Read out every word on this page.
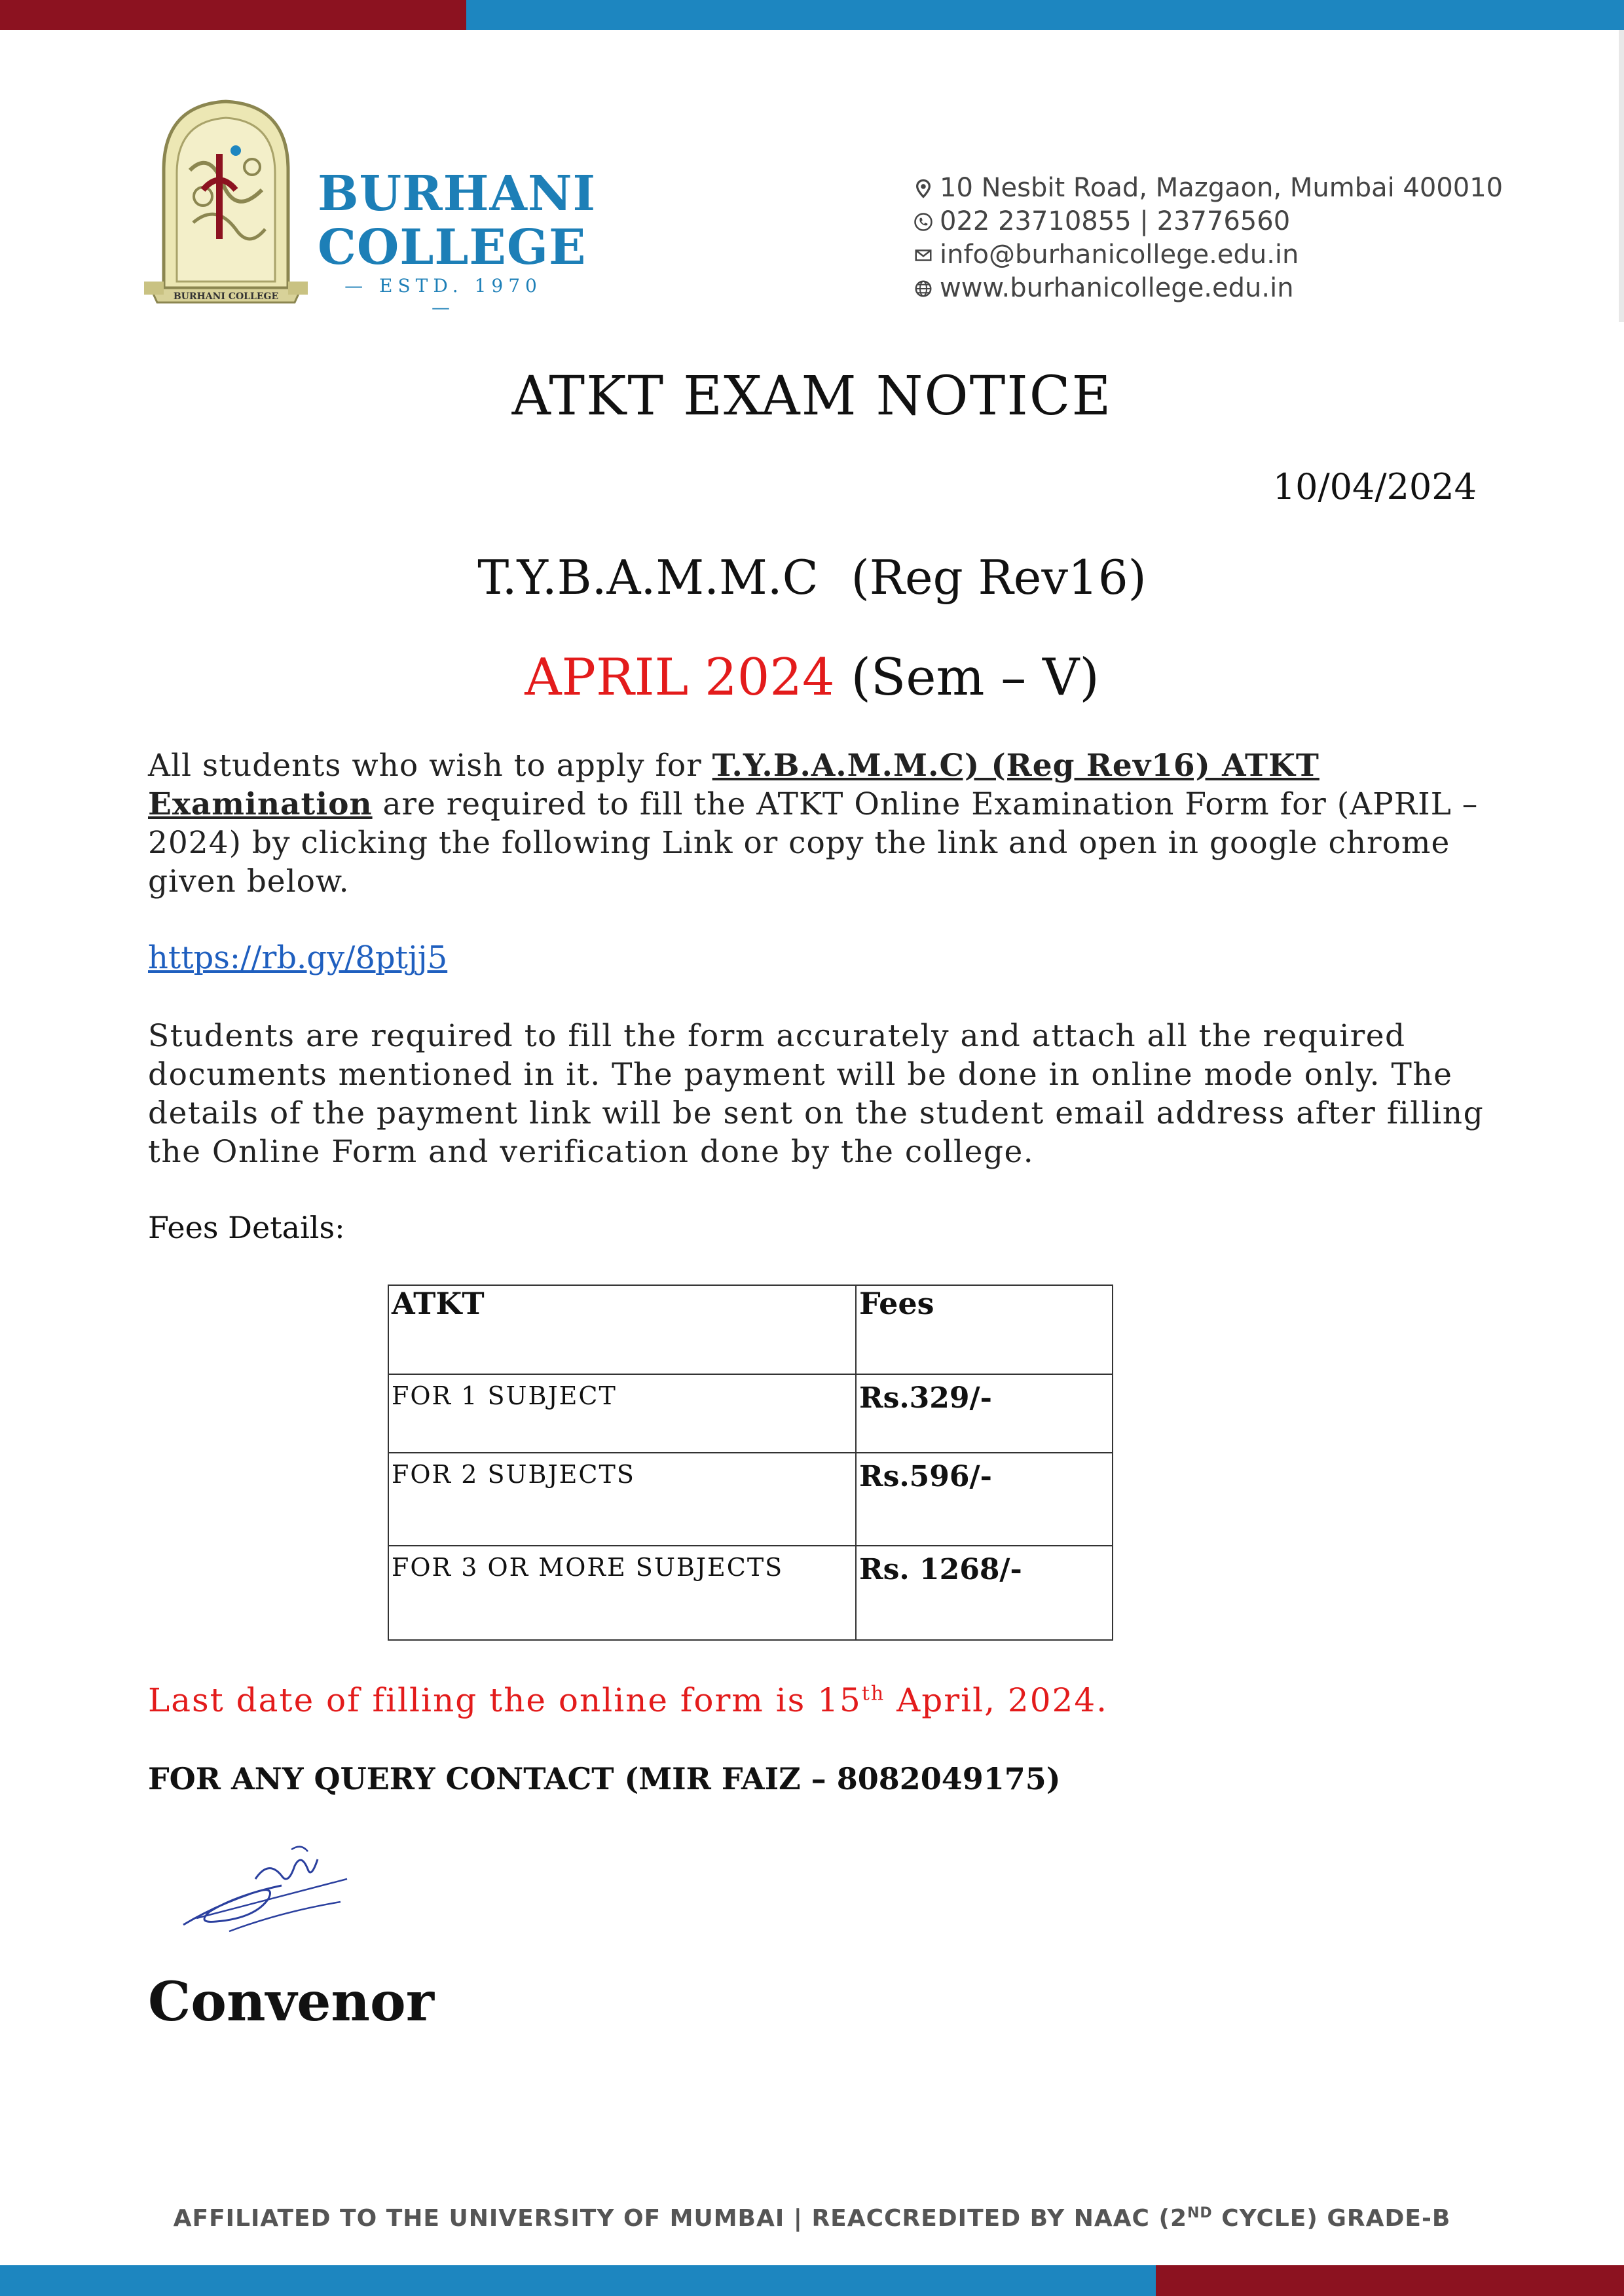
BURHANI COLLEGE
BURHANI
COLLEGE
— ESTD. 1970 —
10 Nesbit Road, Mazgaon, Mumbai 400010
022 23710855 | 23776560
info@burhanicollege.edu.in
www.burhanicollege.edu.in
ATKT EXAM NOTICE
10/04/2024
T.Y.B.A.M.M.C (Reg Rev16)
APRIL 2024 (Sem – V)
All students who wish to apply for T.Y.B.A.M.M.C) (Reg Rev16) ATKT Examination are required to fill the ATKT Online Examination Form for (APRIL – 2024) by clicking the following Link or copy the link and open in google chrome given below.
https://rb.gy/8ptjj5
Students are required to fill the form accurately and attach all the required documents mentioned in it. The payment will be done in online mode only. The details of the payment link will be sent on the student email address after filling the Online Form and verification done by the college.
Fees Details:
ATKT	Fees

FOR 1 SUBJECT	Rs.329/-

FOR 2 SUBJECTS	Rs.596/-

FOR 3 OR MORE SUBJECTS	Rs. 1268/-
Last date of filling the online form is 15th April, 2024.
FOR ANY QUERY CONTACT (MIR FAIZ – 8082049175)
Convenor
AFFILIATED TO THE UNIVERSITY OF MUMBAI | REACCREDITED BY NAAC (2ND CYCLE) GRADE-B
